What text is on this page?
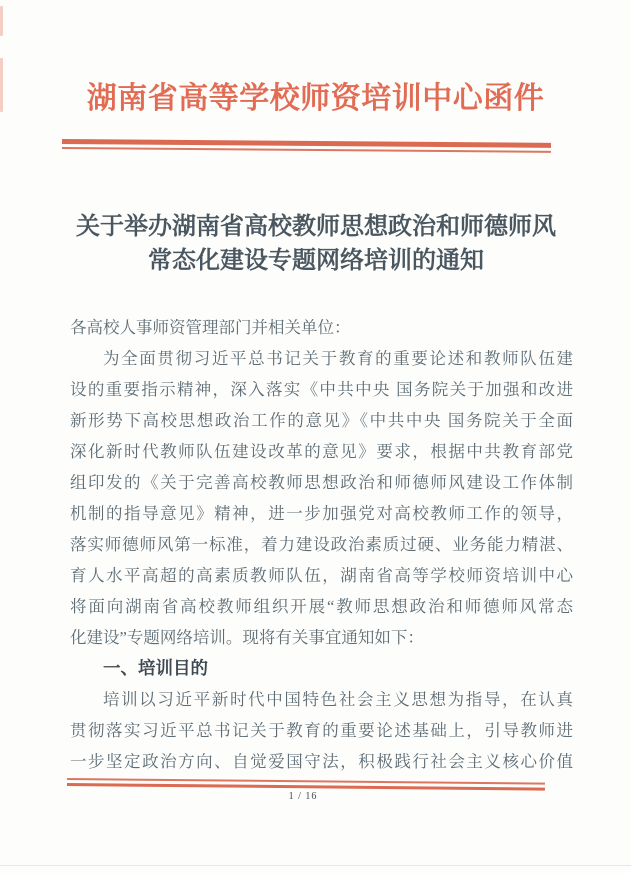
湖南省高等学校师资培训中心函件
关于举办湖南省高校教师思想政治和师德师风
常态化建设专题网络培训的通知
各高校人事师资管理部门并相关单位：
为全面贯彻习近平总书记关于教育的重要论述和教师队伍建
设的重要指示精神，深入落实《中共中央 国务院关于加强和改进
新形势下高校思想政治工作的意见》《中共中央 国务院关于全面
深化新时代教师队伍建设改革的意见》要求，根据中共教育部党
组印发的《关于完善高校教师思想政治和师德师风建设工作体制
机制的指导意见》精神，进一步加强党对高校教师工作的领导，
落实师德师风第一标准，着力建设政治素质过硬、业务能力精湛、
育人水平高超的高素质教师队伍，湖南省高等学校师资培训中心
将面向湖南省高校教师组织开展“教师思想政治和师德师风常态
化建设”专题网络培训。现将有关事宜通知如下：
一、培训目的
培训以习近平新时代中国特色社会主义思想为指导，在认真
贯彻落实习近平总书记关于教育的重要论述基础上，引导教师进
一步坚定政治方向、自觉爱国守法，积极践行社会主义核心价值
1 / 16
